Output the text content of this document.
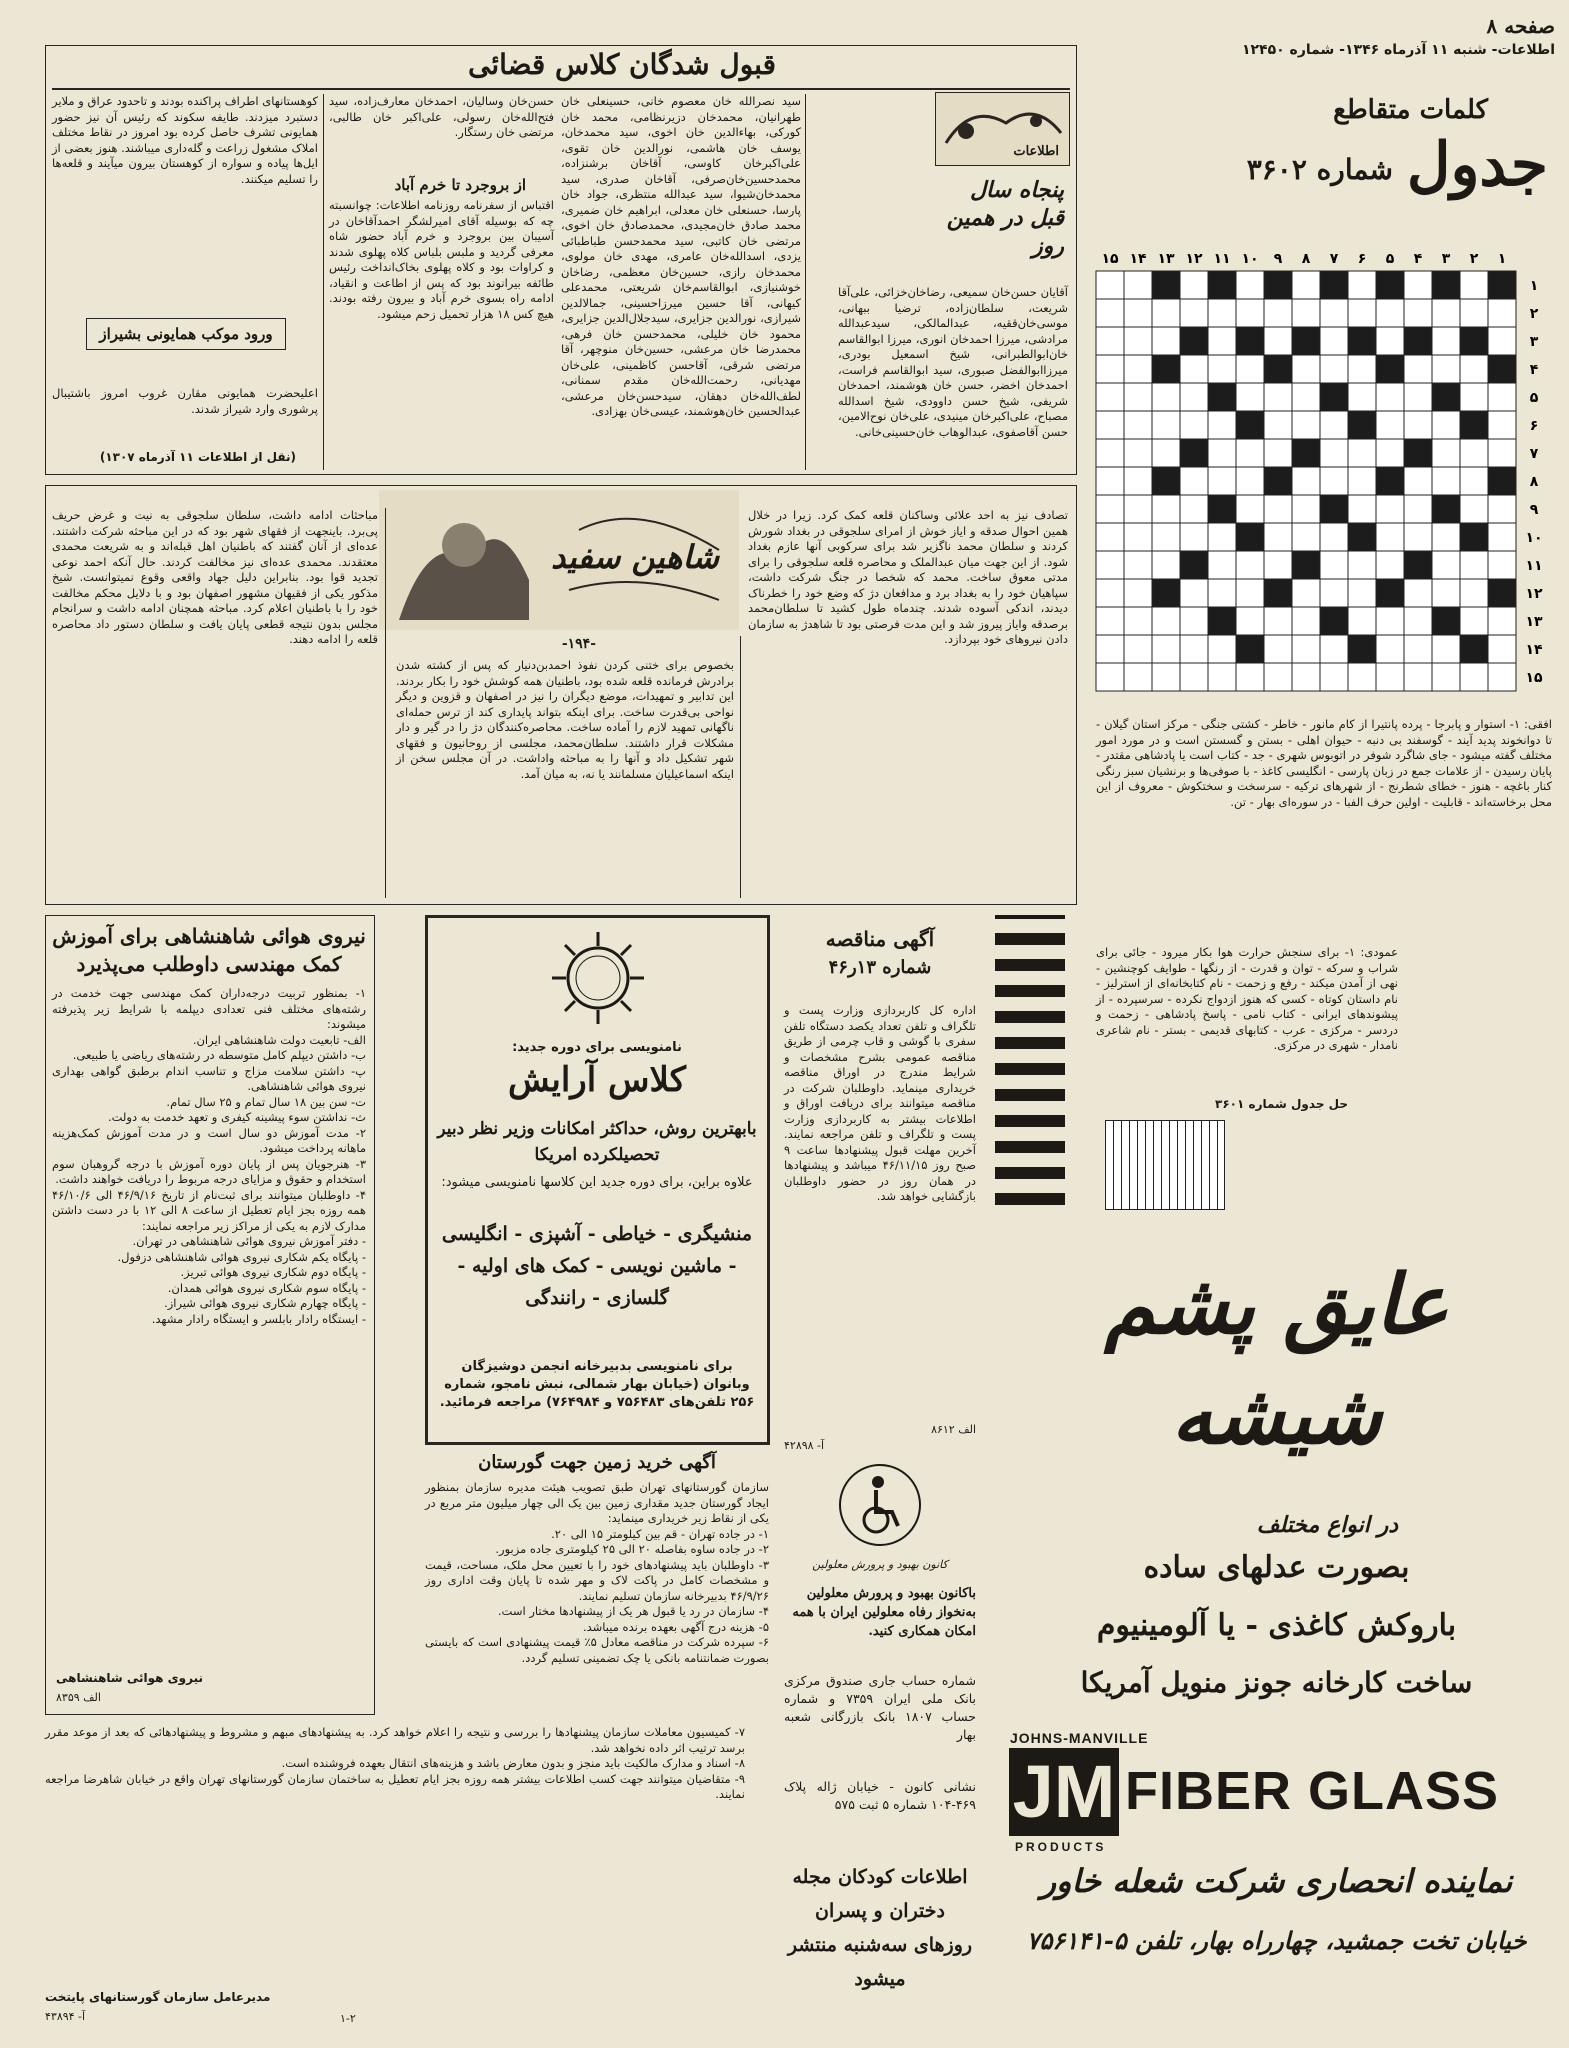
صفحه ۸
اطلاعات- شنبه ۱۱ آذرماه ۱۳۴۶- شماره ۱۲۴۵۰
قبول شدگان کلاس قضائی
اطلاعات
پنجاه سال قبل در همین روز
سید نصرالله خان معصوم خانی، حسینعلی خان طهرانیان، محمدخان دزیرنظامی، محمد خان کورکی، بهاءالدین خان اخوی، سید محمدخان، یوسف خان هاشمی، نورالدین خان تقوی، علی‌اکبرخان کاوسی، آقاخان برشنزاده، محمدحسین‌خان‌صرفی، آقاخان صدری، سید محمدخان‌شیوا، سید عبدالله منتظری، جواد خان پارسا، حسنعلی خان معدلی، ابراهیم خان ضمیری، محمد صادق خان‌مجیدی، محمدصادق خان اخوی، مرتضی خان‌ کاتبی، سید محمدحسن طباطبائی یزدی، اسدالله‌خان عامری، مهدی خان مولوی، محمدخان رازی، حسین‌خان معظمی، رضاخان خوشنیازی، ابوالقاسم‌خان شریعتی، محمدعلی کیهانی، آقا حسین میرزاحسینی، جمالالدین شیرازی، نورالدین جزایری، سیدجلال‌الدین جزایری، محمود خان خلیلی، محمدحسن خان فرهی، محمدرضا خان مرعشی، حسین‌خان منوچهر، آقا مرتضی شرقی، آقاحسن کاظمینی، علی‌خان مهدیانی، رحمت‌الله‌خان مقدم سمنانی، لطف‌الله‌خان دهقان، سیدحسن‌خان مرعشی، عبدالحسین خان‌هوشمند، عیسی‌خان بهزادی.
حسن‌خان وسالیان، احمدخان معارف‌زاده، سید فتح‌الله‌خان رسولی، علی‌اکبر خان طالبی، مرتضی خان رستگار.
از بروجرد تا خرم آباد
اقتباس از سفرنامه روزنامه اطلاعات: چوانسبته چه که بوسیله آقای امیرلشگر احمدآقاخان در آسیبان بین بروجرد و خرم آباد حضور شاه معرفی گردید و ملبس بلباس کلاه پهلوی شدند و کراوات بود و کلاه پهلوی بخاک‌انداخت رئیس طائفه بیرانوند بود که پس از اطاعت و انقیاد، ادامه راه بسوی خرم آباد و بیرون رفته بودند. هیچ کس ۱۸ هزار تحمیل زحم میشود.
کوهستانهای اطراف پراکنده بودند و تاحدود عراق و ملایر دستبرد میزدند. طایفه سکوند که رئیس آن نیز حضور همایونی تشرف حاصل کرده بود امروز در نقاط مختلف املاک مشغول زراعت و گله‌داری میباشند. هنوز بعضی از ایل‌ها پیاده و سواره از کوهستان بیرون میآیند و قلعه‌ها را تسلیم میکنند.
ورود موکب همایونی بشیراز
اعلیحضرت همایونی مقارن غروب امروز باشتیبال پرشوری وارد شیراز شدند.
(نقل از اطلاعات ۱۱ آذرماه ۱۳۰۷)
آقایان حسن‌خان سمیعی، رضاخان‌خزائی، علی‌آقا شریعت، سلطان‌زاده، ترضیا ببهانی، موسی‌خان‌ققیه، عبدالمالکی، سیدعبدالله مرادشی، میرزا احمدخان انوری، میرزا ابوالقاسم خان‌ابوالطبرانی، شیخ اسمعیل بودری، میرزاابوالفضل صبوری، سید ابوالقاسم فراست، احمدخان اخضر، حسن خان هوشمند، احمدخان شریفی، شیخ حسن داوودی، شیخ اسدالله مصباح، علی‌اکبرخان مینیدی، علی‌خان نوح‌الامین، حسن آقا‌صفوی، عبدالوهاب خان‌حسینی‌خانی.
کلمات متقاطع
جدول
شماره ۳۶۰۲
۱
۲
۳
۴
۵
۶
۷
۸
۹
۱۰
۱۱
۱۲
۱۳
۱۴
۱۵
۱
۲
۳
۴
۵
۶
۷
۸
۹
۱۰
۱۱
۱۲
۱۳
۱۴
۱۵
افقی: ۱- استوار و پابرجا - پرده پانتیرا از کام مانور - خاطر - کشتی جنگی - مرکز استان گیلان - تا دوانخوند پدید آیند - گوسفند بی دنبه - حیوان اهلی - بستن و گسستن است و در مورد امور مختلف گفته میشود - جای شاگرد شوفر در اتوبوس شهری - جد - کتاب است یا پادشاهی مقتدر - پایان رسیدن - از علامات جمع در زبان پارسی - انگلیسی کاغذ - با صوفی‌ها و برنشیان سبز رنگی کنار باغچه - هنوز - خطای شطرنج - از شهرهای ترکیه - سرسخت و سختکوش - معروف از این محل برخاسته‌اند - قابلیت - اولین حرف الفبا - در سوره‌ای بهار - تن.
عمودی: ۱- برای سنجش حرارت هوا بکار میرود - جائی برای شراب و سرکه - توان و قدرت - از رنگها - طوایف کوچنشین - نهی از آمدن میکند - رفع و زحمت - نام کتابخانه‌ای از استرلیز - نام داستان کوتاه - کسی که هنوز ازدواج نکرده - سرسپرده - از پیشوندهای ایرانی - کتاب نامی - پاسخ پادشاهی - زحمت و دردسر - مرکزی - عرب - کتابهای قدیمی - بستر - نام شاعری نامدار - شهری در مرکزی.
حل جدول شماره ۳۶۰۱
شاهین سفید
-۱۹۴-
تصادف نیز به احد علائی وساکنان قلعه کمک کرد. زیرا در خلال همین احوال صدقه و ایاز خوش از امرای سلجوقی در بغداد شورش کردند و سلطان محمد ناگزیر شد برای سرکوبی آنها عازم بغداد شود. از این جهت میان عبدالملک و محاصره قلعه سلجوقی را برای مدتی معوق ساخت. محمد که شخصا در جنگ شرکت داشت، سپاهیان خود را به بغداد برد و مدافعان دژ که وضع خود را خطرناک دیدند، اندکی آسوده شدند. چندماه طول کشید تا سلطان‌محمد برصدقه وایاز پیروز شد و این مدت فرصتی بود تا شاهدژ به سازمان دادن نیروهای خود بپردازد.
بخصوص برای ختنی کردن نفوذ احمدبن‌دنیار که پس از کشته شدن برادرش فرمانده قلعه شده بود، باطنیان همه کوشش خود را بکار بردند. این تدابیر و تمهیدات، موضع دیگران را نیز در اصفهان و قزوین و دیگر نواحی بی‌قدرت ساخت. برای اینکه بتواند پایداری کند از ترس حمله‌ای ناگهانی تمهید لازم را آماده ساخت. محاصره‌کنندگان دژ را در گیر و دار مشکلات قرار داشتند. سلطان‌محمد، مجلسی از روحانیون و فقهای شهر تشکیل داد و آنها را به مباحثه واداشت. در آن مجلس سخن از اینکه اسماعیلیان مسلمانند یا نه، به میان آمد.
مباحثات ادامه داشت، سلطان سلجوقی به نیت و غرض حریف پی‌برد. باینجهت از فقهای شهر بود که در این مباحثه شرکت داشتند. عده‌ای از آنان گفتند که باطنیان اهل قبله‌اند و به شریعت محمدی معتقدند. محمدی عده‌ای نیز مخالفت کردند. حال آنکه احمد نوعی تجدید قوا بود. بنابراین دلیل جهاد واقعی وقوع نمیتوانست. شیخ مذکور یکی از فقیهان مشهور اصفهان بود و با دلایل محکم مخالفت خود را با باطنیان اعلام کرد. مباحثه همچنان ادامه داشت و سرانجام مجلس بدون نتیجه قطعی پایان یافت و سلطان دستور داد محاصره قلعه را ادامه دهند.
نیروی هوائی شاهنشاهی برای آموزش کمک مهندسی داوطلب می‌پذیرد
۱- بمنظور تربیت درجه‌داران کمک مهندسی جهت خدمت در رشته‌های مختلف فنی تعدادی دیپلمه با شرایط زیر پذیرفته میشوند:
الف- تابعیت دولت شاهنشاهی ایران.
ب- داشتن دیپلم کامل متوسطه در رشته‌های ریاضی یا طبیعی.
پ- داشتن سلامت مزاج و تناسب اندام برطبق گواهی بهداری نیروی هوائی شاهنشاهی.
ت- سن بین ۱۸ سال تمام و ۲۵ سال تمام.
ث- نداشتن سوء پیشینه کیفری و تعهد خدمت به دولت.
۲- مدت آموزش دو سال است و در مدت آموزش کمک‌هزینه ماهانه پرداخت میشود.
۳- هنرجویان پس از پایان دوره آموزش با درجه گروهبان سوم استخدام و حقوق و مزایای درجه مربوط را دریافت خواهند داشت.
۴- داوطلبان میتوانند برای ثبت‌نام از تاریخ ۴۶/۹/۱۶ الی ۴۶/۱۰/۶ همه روزه بجز ایام تعطیل از ساعت ۸ الی ۱۲ با در دست داشتن مدارک لازم به یکی از مراکز زیر مراجعه نمایند:
- دفتر آموزش نیروی هوائی شاهنشاهی در تهران.
- پایگاه یکم شکاری نیروی هوائی شاهنشاهی دزفول.
- پایگاه دوم شکاری نیروی هوائی تبریز.
- پایگاه سوم شکاری نیروی هوائی همدان.
- پایگاه چهارم شکاری نیروی هوائی شیراز.
- ایستگاه رادار بابلسر و ایستگاه رادار مشهد.
نیروی هوائی شاهنشاهی
الف ۸۳۵۹
نامنویسی برای دوره جدید:
کلاس آرایش
بابهترین روش، حداکثر امکانات وزیر نظر دبیر تحصیلکرده امریکا
علاوه براین، برای دوره جدید این کلاسها نامنویسی میشود:
منشیگری - خیاطی - آشپزی - انگلیسی - ماشین نویسی - کمک های اولیه - گلسازی - رانندگی
برای نامنویسی بدبیرخانه انجمن دوشیزگان وبانوان (خیابان بهار شمالی، نبش نامجو، شماره ۲۵۶ تلفن‌های ۷۵۶۴۸۳ و ۷۶۴۹۸۴) مراجعه فرمائید.
آگهی مناقصه
شماره ۱۳ر۴۶
اداره کل کاربردازی وزارت پست و تلگراف و تلفن تعداد یکصد دستگاه تلفن سفری با گوشی و قاب چرمی از طریق مناقصه عمومی بشرح مشخصات و شرایط مندرج در اوراق مناقصه خریداری مینماید. داوطلبان شرکت در مناقصه میتوانند برای دریافت اوراق و اطلاعات بیشتر به کاربردازی وزارت پست و تلگراف و تلفن مراجعه نمایند. آخرین مهلت قبول پیشنهادها ساعت ۹ صبح روز ۴۶/۱۱/۱۵ میباشد و پیشنهادها در همان روز در حضور داوطلبان بازگشایی خواهد شد.
الف ۸۶۱۲
آ- ۴۲۸۹۸
آگهی خرید زمین جهت گورستان
سازمان گورستانهای تهران طبق تصویب هیئت مدیره سازمان بمنظور ایجاد گورستان جدید مقداری زمین بین یک الی چهار میلیون متر مربع در یکی از نقاط زیر خریداری مینماید:
۱- در جاده تهران - قم بین کیلومتر ۱۵ الی ۲۰.
۲- در جاده ساوه بفاصله ۲۰ الی ۲۵ کیلومتری جاده مزبور.
۳- داوطلبان باید پیشنهادهای خود را با تعیین محل ملک، مساحت، قیمت و مشخصات کامل در پاکت لاک و مهر شده تا پایان وقت اداری روز ۴۶/۹/۲۶ بدبیرخانه سازمان تسلیم نمایند.
۴- سازمان در رد یا قبول هر یک از پیشنهادها مختار است.
۵- هزینه درج آگهی بعهده برنده میباشد.
۶- سپرده شرکت در مناقصه معادل ۵٪ قیمت پیشنهادی است که بایستی بصورت ضمانتنامه بانکی یا چک تضمینی تسلیم گردد.
۷- کمیسیون معاملات سازمان پیشنهادها را بررسی و نتیجه را اعلام خواهد کرد. به پیشنهادهای مبهم و مشروط و پیشنهادهائی که بعد از موعد مقرر برسد ترتیب اثر داده نخواهد شد.
۸- اسناد و مدارک مالکیت باید منجز و بدون معارض باشد و هزینه‌های انتقال بعهده فروشنده است.
۹- متقاضیان میتوانند جهت کسب اطلاعات بیشتر همه روزه بجز ایام تعطیل به ساختمان سازمان گورستانهای تهران واقع در خیابان شاهرضا مراجعه نمایند.
مدیرعامل سازمان گورستانهای پایتخت
آ- ۴۳۸۹۴	۱-۲
کانون بهبود و پرورش معلولین
باکانون بهبود و پرورش معلولین به‌نخواز رفاه معلولین ایران با همه امکان همکاری کنید.
شماره حساب جاری صندوق مرکزی بانک ملی ایران ۷۳۵۹ و شماره حساب ۱۸۰۷ بانک بازرگانی شعبه بهار
نشانی کانون - خیابان ژاله پلاک ۴۶۹-۱۰۴ شماره ۵ ثبت ۵۷۵
اطلاعات کودکان مجله دختران و پسران روزهای سه‌شنبه منتشر میشود
عایق پشم شیشه
در انواع مختلف
بصورت عدلهای ساده
باروکش کاغذی - یا آلومینیوم
ساخت کارخانه جونز منویل آمریکا
JOHNS-MANVILLE
JM FIBER GLASS
PRODUCTS
نماینده انحصاری شرکت شعله خاور
خیابان تخت جمشید، چهارراه بهار، تلفن ۵-۷۵۶۱۴۱
